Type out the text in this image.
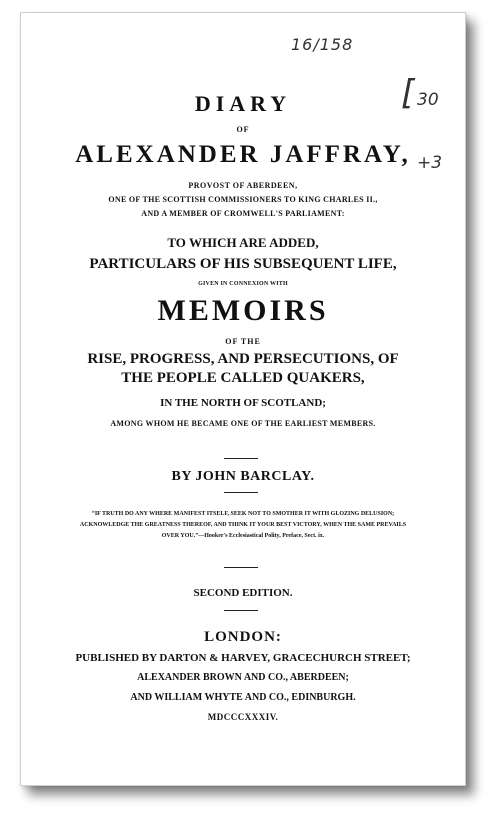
16/158
[ 30
+3
DIARY
OF
ALEXANDER JAFFRAY,
PROVOST OF ABERDEEN,
ONE OF THE SCOTTISH COMMISSIONERS TO KING CHARLES II.,
AND A MEMBER OF CROMWELL'S PARLIAMENT:
TO WHICH ARE ADDED,
PARTICULARS OF HIS SUBSEQUENT LIFE,
GIVEN IN CONNEXION WITH
MEMOIRS
OF THE
RISE, PROGRESS, AND PERSECUTIONS, OF
THE PEOPLE CALLED QUAKERS,
IN THE NORTH OF SCOTLAND;
AMONG WHOM HE BECAME ONE OF THE EARLIEST MEMBERS.
BY JOHN BARCLAY.
“IF TRUTH DO ANY WHERE MANIFEST ITSELF, SEEK NOT TO SMOTHER IT WITH GLOZING DELUSION;
ACKNOWLEDGE THE GREATNESS THEREOF, AND THINK IT YOUR BEST VICTORY, WHEN THE SAME PREVAILS
OVER YOU.”—Hooker's Ecclesiastical Polity, Preface, Sect. ix.
SECOND EDITION.
LONDON:
PUBLISHED BY DARTON & HARVEY, GRACECHURCH STREET;
ALEXANDER BROWN AND CO., ABERDEEN;
AND WILLIAM WHYTE AND CO., EDINBURGH.
MDCCCXXXIV.
